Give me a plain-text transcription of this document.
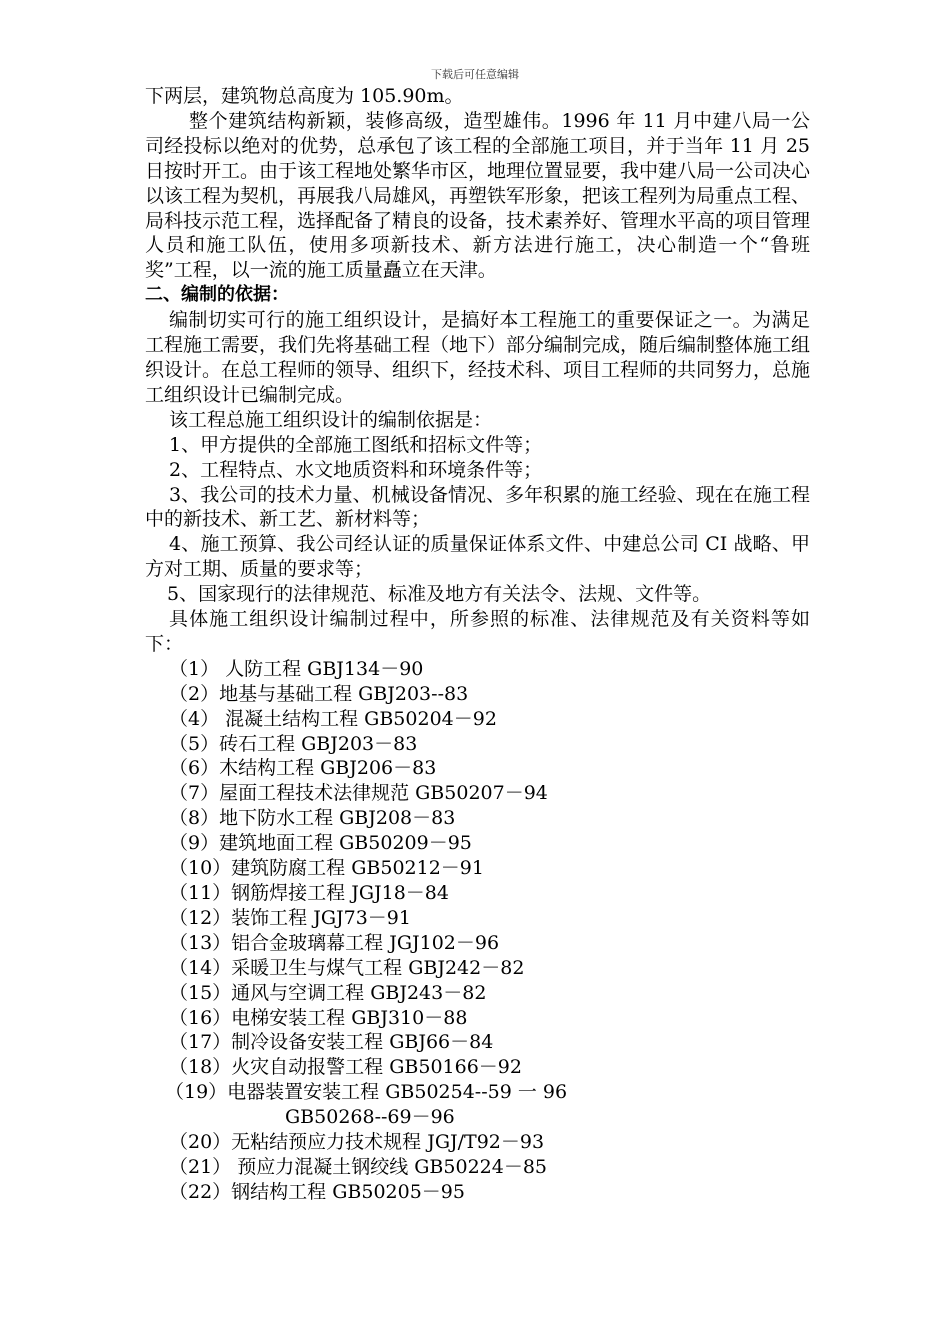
下载后可任意编辑

下两层，建筑物总高度为 105.90m。

整个建筑结构新颖，装修高级，造型雄伟。1996 年 11 月中建八局一公司经投标以绝对的优势，总承包了该工程的全部施工项目，并于当年 11 月 25 日按时开工。由于该工程地处繁华市区，地理位置显要，我中建八局一公司决心以该工程为契机，再展我八局雄风，再塑铁军形象，把该工程列为局重点工程、局科技示范工程，选择配备了精良的设备，技术素养好、管理水平高的项目管理人员和施工队伍，使用多项新技术、新方法进行施工，决心制造一个“鲁班奖”工程，以一流的施工质量矗立在天津。

二、编制的依据：

编制切实可行的施工组织设计，是搞好本工程施工的重要保证之一。为满足工程施工需要，我们先将基础工程（地下）部分编制完成，随后编制整体施工组织设计。在总工程师的领导、组织下，经技术科、项目工程师的共同努力，总施工组织设计已编制完成。

该工程总施工组织设计的编制依据是：

1、甲方提供的全部施工图纸和招标文件等；

2、工程特点、水文地质资料和环境条件等；

3、我公司的技术力量、机械设备情况、多年积累的施工经验、现在在施工程中的新技术、新工艺、新材料等；

4、施工预算、我公司经认证的质量保证体系文件、中建总公司 CI 战略、甲方对工期、质量的要求等；

5、国家现行的法律规范、标准及地方有关法令、法规、文件等。

具体施工组织设计编制过程中，所参照的标准、法律规范及有关资料等如下：

（1） 人防工程 GBJ134－90

（2）地基与基础工程 GBJ203--83

（4） 混凝土结构工程 GB50204－92

（5）砖石工程 GBJ203－83

（6）木结构工程 GBJ206－83

（7）屋面工程技术法律规范 GB50207－94

（8）地下防水工程 GBJ208－83

（9）建筑地面工程 GB50209－95

（10）建筑防腐工程 GB50212－91

（11）钢筋焊接工程 JGJ18－84

（12）装饰工程 JGJ73－91

（13）铝合金玻璃幕工程 JGJ102－96

（14）采暖卫生与煤气工程 GBJ242－82

（15）通风与空调工程 GBJ243－82

（16）电梯安装工程 GBJ310－88

（17）制冷设备安装工程 GBJ66－84

（18）火灾自动报警工程 GB50166－92

（19）电器装置安装工程 GB50254--59 一 96

GB50268--69－96

（20）无粘结预应力技术规程 JGJ/T92－93

（21） 预应力混凝土钢绞线 GB50224－85

（22）钢结构工程 GB50205－95
